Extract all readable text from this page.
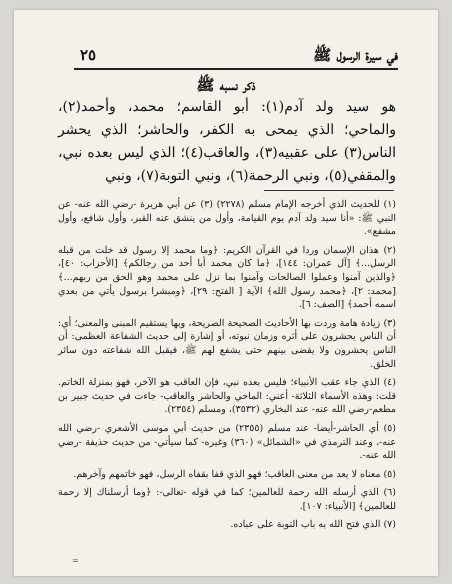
في سيرة الرسول ﷺ
٢٥
ذكر نسبه ﷺ
هو سيد ولد آدم(١): أبو القاسم؛ محمد، وأحمد(٢)، والماحي؛ الذي يمحى به الكفر، والحاشر؛ الذي يحشر الناس(٣) على عقبيه(٣)، والعاقب(٤)؛ الذي ليس بعده نبي، والمقفي(٥)، ونبي الرحمة(٦)، ونبي التوبة(٧)، ونبي

(١) للحديث الذي أخرجه الإمام مسلم (٢٢٧٨) (٣) عن أبي هريرة -رضي الله عنه- عن النبي ﷺ: «أنا سيد ولد آدم يوم القيامة، وأول من ينشق عنه القبر، وأول شافع، وأول مشفع».

(٢) هذان الإسمان وردا في القرآن الكريم: ﴿وما محمد إلا رسول قد خلت من قبله الرسل...﴾ [آل عمران: ١٤٤]، ﴿ما كان محمد أبا أحد من رجالكم﴾ [الأحزاب: ٤٠]، ﴿والذين آمنوا وعملوا الصالحات وآمنوا بما نزل على محمد وهو الحق من ربهم...﴾ [محمد: ٢]، ﴿محمد رسول الله﴾ الآية [ الفتح: ٢٩]، ﴿ومبشرا برسول يأتي من بعدي اسمه أحمد﴾ [الصف: ٦].

(٣) زيادة هامة وردت بها الأحاديث الصحيحة الصريحة، وبها يستقيم المبنى والمعنى؛ أي: أن الناس يحشرون على أثره وزمان نبوته، أو إشارة إلى حديث الشفاعة العظمى: أن الناس يحشرون ولا يقضى بينهم حتى يشفع لهم ﷺ، فيقبل الله شفاعته دون سائر الخلق.

(٤) الذي جاء عقب الأنبياء؛ فليس بعده نبي، فإن العاقب هو الآخر، فهو بمنزلة الخاتم. قلت: وهذه الأسماء الثلاثة- أعني: الماحي والحاشر والعاقب- جاءت في حديث جبير بن مطعم-رضي الله عنه- عند البخاري (٣٥٣٢)، ومسلم (٢٣٥٤).

(٥) أي الحاشر-أيضا- عند مسلم (٢٣٥٥) من حديث أبي موسى الأشعري -رضي الله عنه-، وعند الترمذي في «الشمائل» (٣٦٠) وغيره- كما سيأتي- من حديث حذيفة -رضي الله عنه-.

(٥) معناه لا يعد من معنى العاقب؛ فهو الذي قفا بقفاه الرسل، فهو خاتمهم وآخرهم.

(٦) الذي أرسله الله رحمة للعالمين؛ كما في قوله -تعالى-: ﴿وما أرسلناك إلا رحمة للعالمين﴾ [الأنبياء: ١٠٧].

(٧) الذي فتح الله به باب التوبة على عباده.

=
